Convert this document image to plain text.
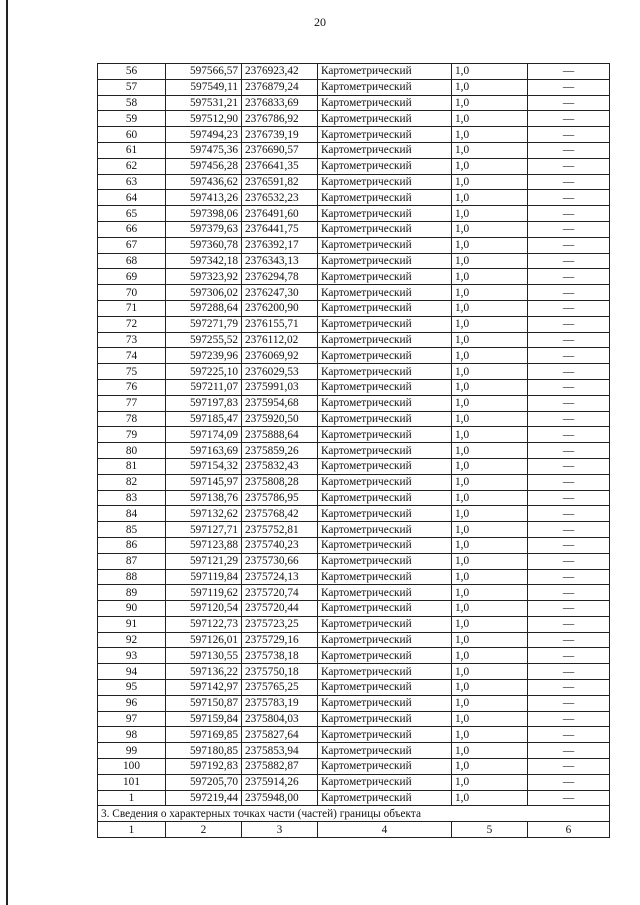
20
56	597566,57	2376923,42	Картометрический	1,0	—
57	597549,11	2376879,24	Картометрический	1,0	—
58	597531,21	2376833,69	Картометрический	1,0	—
59	597512,90	2376786,92	Картометрический	1,0	—
60	597494,23	2376739,19	Картометрический	1,0	—
61	597475,36	2376690,57	Картометрический	1,0	—
62	597456,28	2376641,35	Картометрический	1,0	—
63	597436,62	2376591,82	Картометрический	1,0	—
64	597413,26	2376532,23	Картометрический	1,0	—
65	597398,06	2376491,60	Картометрический	1,0	—
66	597379,63	2376441,75	Картометрический	1,0	—
67	597360,78	2376392,17	Картометрический	1,0	—
68	597342,18	2376343,13	Картометрический	1,0	—
69	597323,92	2376294,78	Картометрический	1,0	—
70	597306,02	2376247,30	Картометрический	1,0	—
71	597288,64	2376200,90	Картометрический	1,0	—
72	597271,79	2376155,71	Картометрический	1,0	—
73	597255,52	2376112,02	Картометрический	1,0	—
74	597239,96	2376069,92	Картометрический	1,0	—
75	597225,10	2376029,53	Картометрический	1,0	—
76	597211,07	2375991,03	Картометрический	1,0	—
77	597197,83	2375954,68	Картометрический	1,0	—
78	597185,47	2375920,50	Картометрический	1,0	—
79	597174,09	2375888,64	Картометрический	1,0	—
80	597163,69	2375859,26	Картометрический	1,0	—
81	597154,32	2375832,43	Картометрический	1,0	—
82	597145,97	2375808,28	Картометрический	1,0	—
83	597138,76	2375786,95	Картометрический	1,0	—
84	597132,62	2375768,42	Картометрический	1,0	—
85	597127,71	2375752,81	Картометрический	1,0	—
86	597123,88	2375740,23	Картометрический	1,0	—
87	597121,29	2375730,66	Картометрический	1,0	—
88	597119,84	2375724,13	Картометрический	1,0	—
89	597119,62	2375720,74	Картометрический	1,0	—
90	597120,54	2375720,44	Картометрический	1,0	—
91	597122,73	2375723,25	Картометрический	1,0	—
92	597126,01	2375729,16	Картометрический	1,0	—
93	597130,55	2375738,18	Картометрический	1,0	—
94	597136,22	2375750,18	Картометрический	1,0	—
95	597142,97	2375765,25	Картометрический	1,0	—
96	597150,87	2375783,19	Картометрический	1,0	—
97	597159,84	2375804,03	Картометрический	1,0	—
98	597169,85	2375827,64	Картометрический	1,0	—
99	597180,85	2375853,94	Картометрический	1,0	—
100	597192,83	2375882,87	Картометрический	1,0	—
101	597205,70	2375914,26	Картометрический	1,0	—
1	597219,44	2375948,00	Картометрический	1,0	—
3. Сведения о характерных точках части (частей) границы объекта					
1	2	3	4	5	6
